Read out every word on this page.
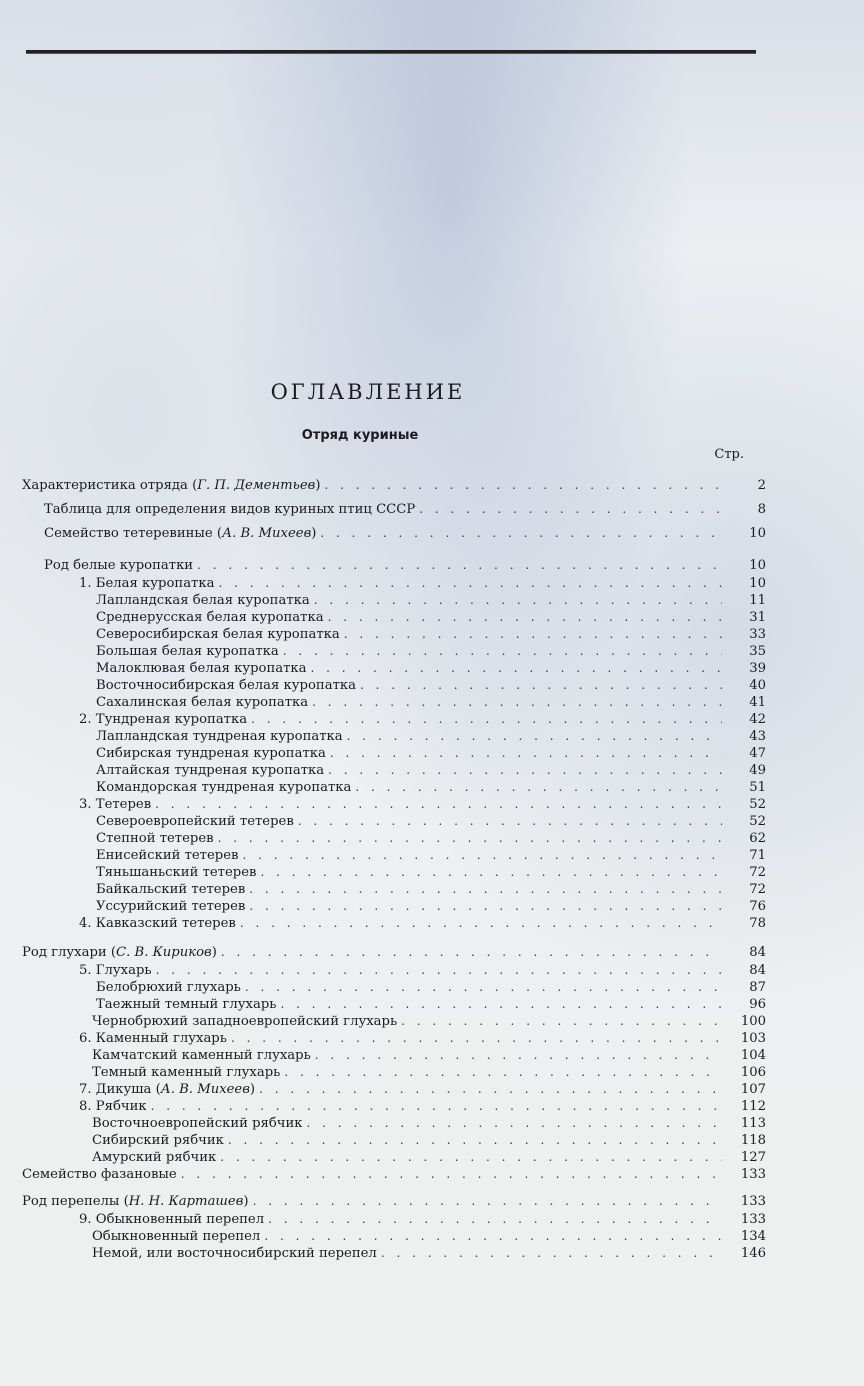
ОГЛАВЛЕНИЕ
Отряд куриные
Стр.
Характеристика отряда (Г. П. Дементьев) . . .	2
Таблица для определения видов куриных птиц СССР . . .	8
Семейство тетеревиные (А. В. Михеев) . . .	10
Род белые куропатки . . .	10
1. Белая куропатка . . .	10
Лапландская белая куропатка . . .	11
Среднерусская белая куропатка . . .	31
Северосибирская белая куропатка . . .	33
Большая белая куропатка . . .	35
Малоклювая белая куропатка . . .	39
Восточносибирская белая куропатка . . .	40
Сахалинская белая куропатка . . .	41
2. Тундреная куропатка . . .	42
Лапландская тундреная куропатка . . .	43
Сибирская тундреная куропатка . . .	47
Алтайская тундреная куропатка . . .	49
Командорская тундреная куропатка . . .	51
3. Тетерев . . .	52
Североевропейский тетерев . . .	52
Степной тетерев . . .	62
Енисейский тетерев . . .	71
Тяньшаньский тетерев . . .	72
Байкальский тетерев . . .	72
Уссурийский тетерев . . .	76
4. Кавказский тетерев . . .	78
Род глухари (С. В. Кириков) . . .	84
5. Глухарь . . .	84
Белобрюхий глухарь . . .	87
Таежный темный глухарь . . .	96
Чернобрюхий западноевропейский глухарь . . .	100
6. Каменный глухарь . . .	103
Камчатский каменный глухарь . . .	104
Темный каменный глухарь . . .	106
7. Дикуша (А. В. Михеев) . . .	107
8. Рябчик . . .	112
Восточноевропейский рябчик . . .	113
Сибирский рябчик . . .	118
Амурский рябчик . . .	127
Семейство фазановые . . .	133
Род перепелы (Н. Н. Карташев) . . .	133
9. Обыкновенный перепел . . .	133
Обыкновенный перепел . . .	134
Немой, или восточносибирский перепел . . .	146
